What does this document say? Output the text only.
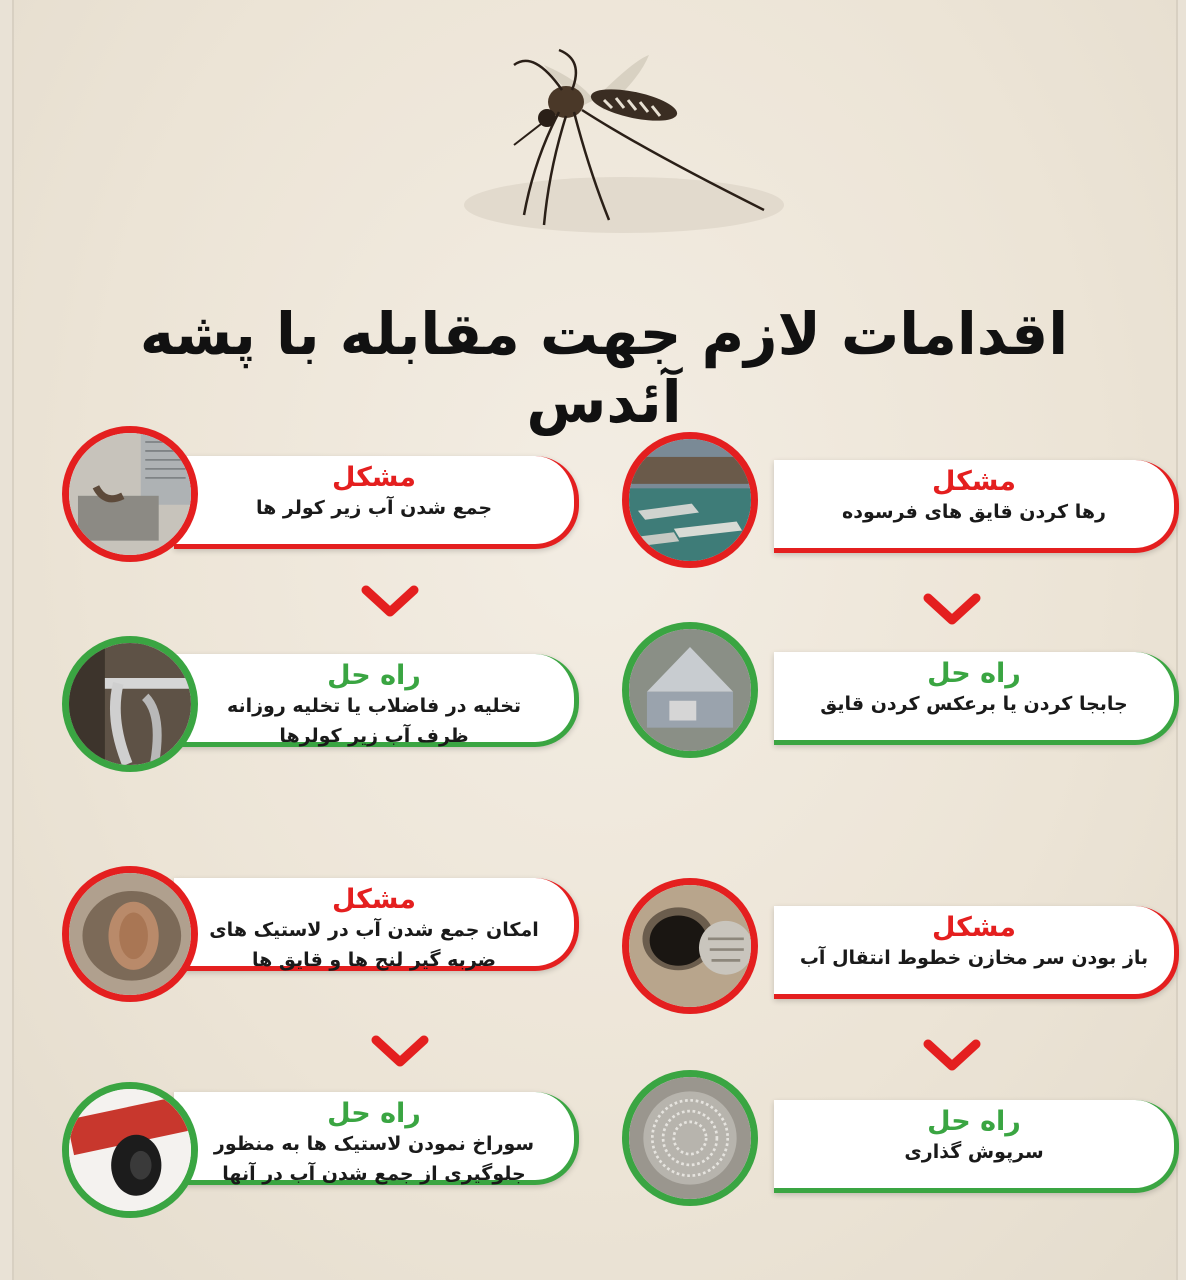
اقدامات لازم جهت مقابله با پشه آئدس
مشکل
رها کردن قایق های فرسوده
راه حل
جابجا کردن یا برعکس کردن قایق
مشکل
باز بودن سر مخازن خطوط انتقال آب
راه حل
سرپوش گذاری
مشکل
جمع شدن آب زیر کولر ها
راه حل
تخلیه در فاضلاب یا تخلیه روزانه
ظرف آب زیر کولرها
مشکل
امکان جمع شدن آب در لاستیک های
ضربه گیر لنج ها و قایق ها
راه حل
سوراخ نمودن لاستیک ها به منظور
جلوگیری از جمع شدن آب در آنها
